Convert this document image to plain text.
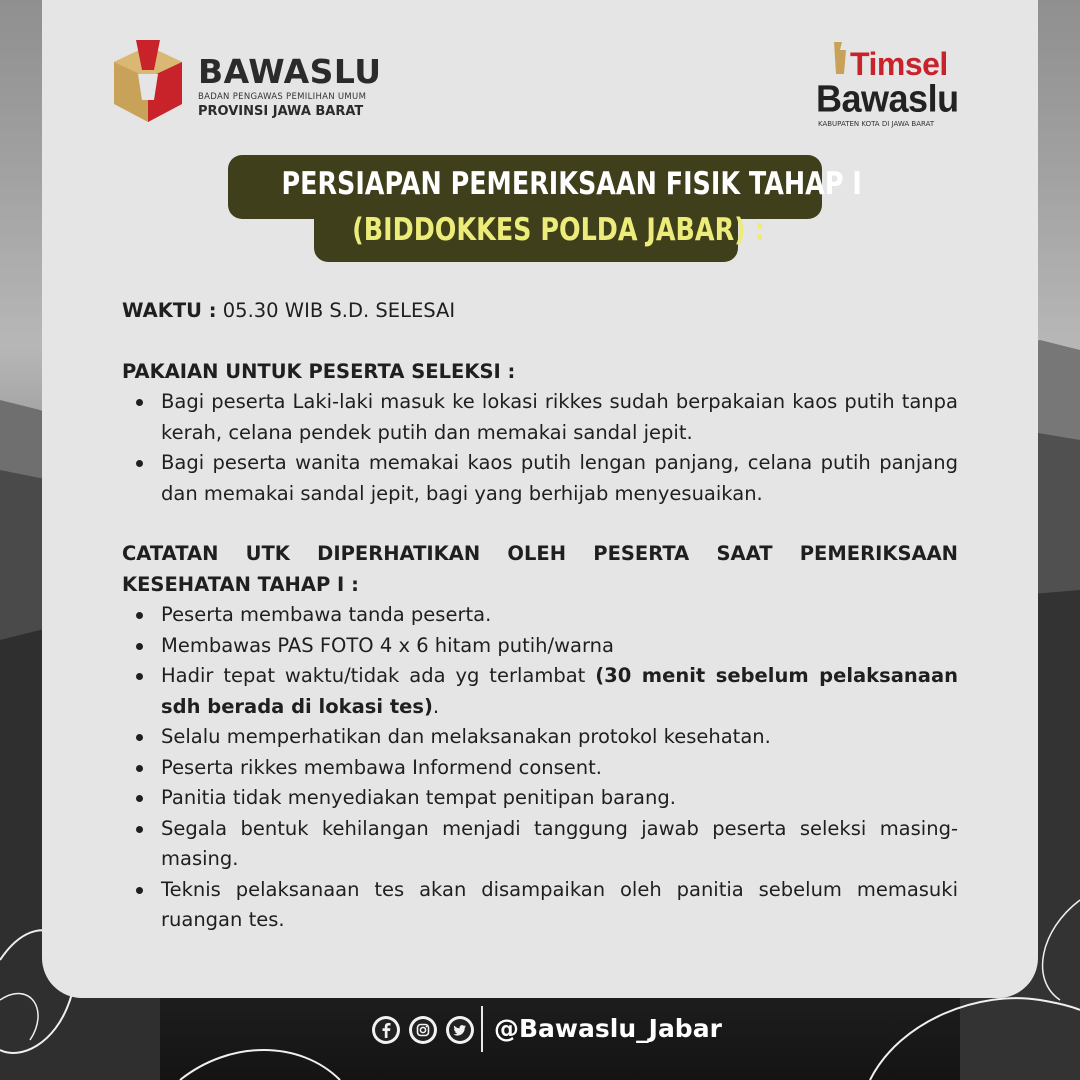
BAWASLU
BADAN PENGAWAS PEMILIHAN UMUM
PROVINSI JAWA BARAT
Timsel
Bawaslu
KABUPATEN KOTA DI JAWA BARAT
PERSIAPAN PEMERIKSAAN FISIK TAHAP I
(BIDDOKKES POLDA JABAR) :
WAKTU : 05.30 WIB S.D. SELESAI
PAKAIAN UNTUK PESERTA SELEKSI :
Bagi peserta Laki-laki masuk ke lokasi rikkes sudah berpakaian kaos putih tanpa kerah, celana pendek putih dan memakai sandal jepit.
Bagi peserta wanita memakai kaos putih lengan panjang, celana putih panjang dan memakai sandal jepit, bagi yang berhijab menyesuaikan.
CATATAN UTK DIPERHATIKAN OLEH PESERTA SAAT PEMERIKSAAN KESEHATAN TAHAP I :
Peserta membawa tanda peserta.
Membawas PAS FOTO 4 x 6 hitam putih/warna
Hadir tepat waktu/tidak ada yg terlambat (30 menit sebelum pelaksanaan sdh berada di lokasi tes).
Selalu memperhatikan dan melaksanakan protokol kesehatan.
Peserta rikkes membawa Informend consent.
Panitia tidak menyediakan tempat penitipan barang.
Segala bentuk kehilangan menjadi tanggung jawab peserta seleksi masing-masing.
Teknis pelaksanaan tes akan disampaikan oleh panitia sebelum memasuki ruangan tes.
@Bawaslu_Jabar
